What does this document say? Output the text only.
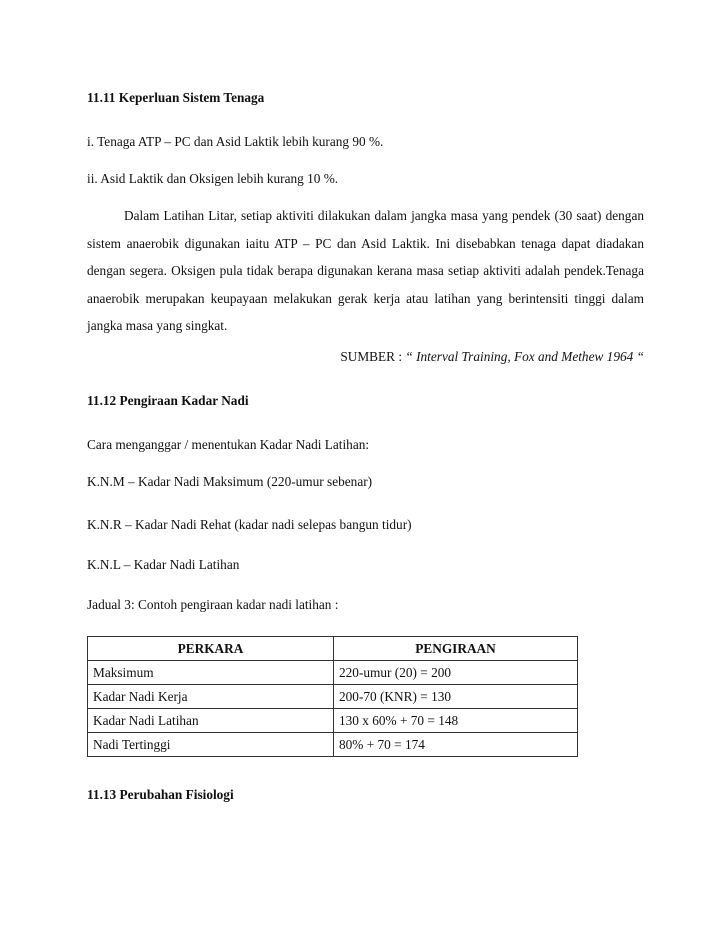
11.11 Keperluan Sistem Tenaga
i. Tenaga ATP – PC dan Asid Laktik lebih kurang 90 %.
ii. Asid Laktik dan Oksigen lebih kurang 10 %.
Dalam Latihan Litar, setiap aktiviti dilakukan dalam jangka masa yang pendek (30 saat) dengan sistem anaerobik digunakan iaitu ATP – PC dan Asid Laktik. Ini disebabkan tenaga dapat diadakan dengan segera. Oksigen pula tidak berapa digunakan kerana masa setiap aktiviti adalah pendek.Tenaga anaerobik merupakan keupayaan melakukan gerak kerja atau latihan yang berintensiti tinggi dalam jangka masa yang singkat.
SUMBER : “ Interval Training, Fox and Methew 1964 “
11.12 Pengiraan Kadar Nadi
Cara menganggar / menentukan Kadar Nadi Latihan:
K.N.M – Kadar Nadi Maksimum (220-umur sebenar)
K.N.R – Kadar Nadi Rehat (kadar nadi selepas bangun tidur)
K.N.L – Kadar Nadi Latihan
Jadual 3: Contoh pengiraan kadar nadi latihan :
PERKARA	PENGIRAAN
Maksimum	220-umur (20) = 200
Kadar Nadi Kerja	200-70 (KNR) = 130
Kadar Nadi Latihan	130 x 60% + 70 = 148
Nadi Tertinggi	80% + 70 = 174
11.13 Perubahan Fisiologi
